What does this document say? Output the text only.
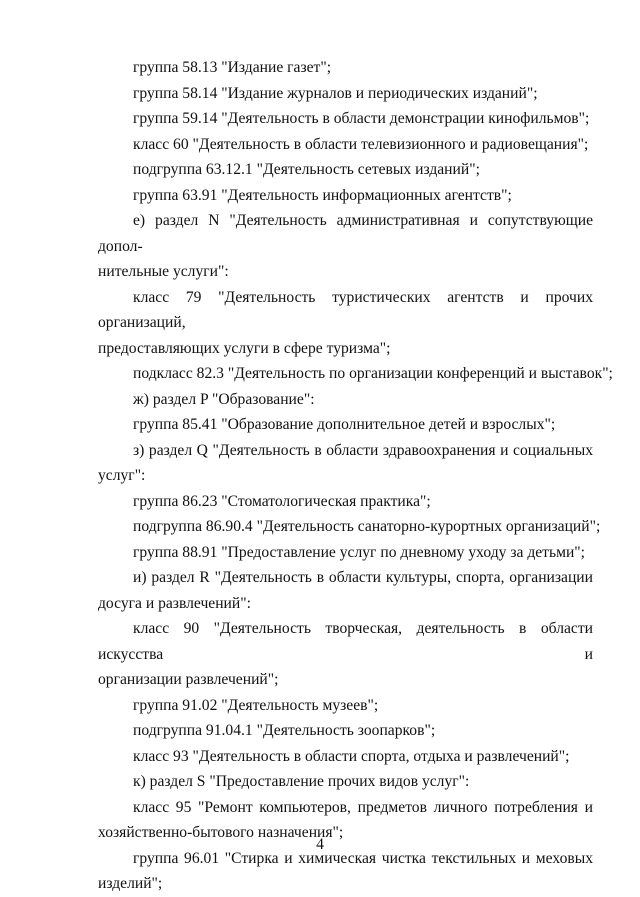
группа 58.13 "Издание газет";
группа 58.14 "Издание журналов и периодических изданий";
группа 59.14 "Деятельность в области демонстрации кинофильмов";
класс 60 "Деятельность в области телевизионного и радиовещания";
подгруппа 63.12.1 "Деятельность сетевых изданий";
группа 63.91 "Деятельность информационных агентств";
е) раздел N "Деятельность административная и сопутствующие допол-
нительные услуги":
класс 79 "Деятельность туристических агентств и прочих организаций,
предоставляющих услуги в сфере туризма";
подкласс 82.3 "Деятельность по организации конференций и выставок";
ж) раздел P "Образование":
группа 85.41 "Образование дополнительное детей и взрослых";
з) раздел Q "Деятельность в области здравоохранения и социальных
услуг":
группа 86.23 "Стоматологическая практика";
подгруппа 86.90.4 "Деятельность санаторно-курортных организаций";
группа 88.91 "Предоставление услуг по дневному уходу за детьми";
и) раздел R "Деятельность в области культуры, спорта, организации
досуга и развлечений":
класс 90 "Деятельность творческая, деятельность в области искусства и
организации развлечений";
группа 91.02 "Деятельность музеев";
подгруппа 91.04.1 "Деятельность зоопарков";
класс 93 "Деятельность в области спорта, отдыха и развлечений";
к) раздел S "Предоставление прочих видов услуг":
класс 95 "Ремонт компьютеров, предметов личного потребления и
хозяйственно-бытового назначения";
группа 96.01 "Стирка и химическая чистка текстильных и меховых
изделий";
4
